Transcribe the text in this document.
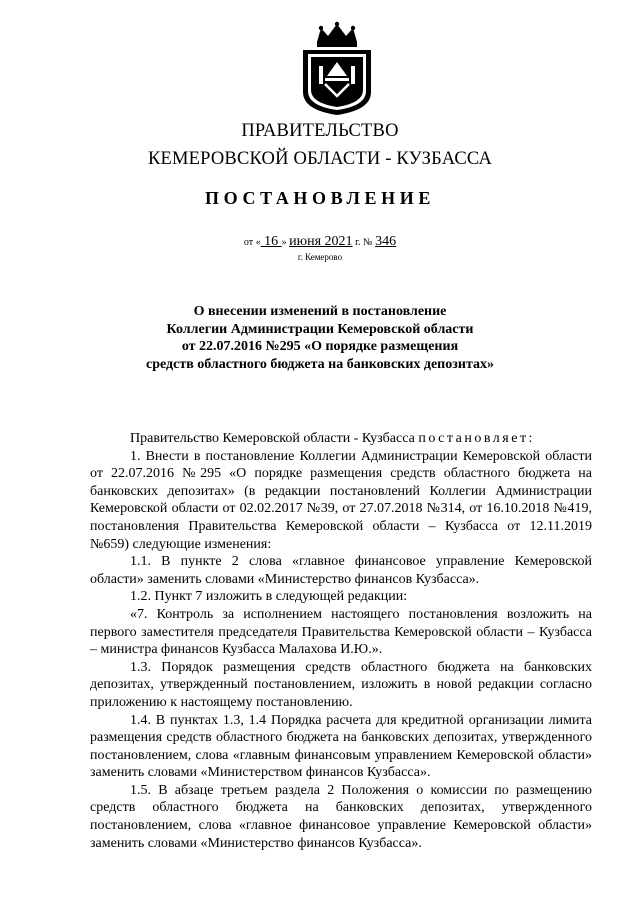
ПРАВИТЕЛЬСТВО
КЕМЕРОВСКОЙ ОБЛАСТИ - КУЗБАССА
ПОСТАНОВЛЕНИЕ
от « 16 » июня 2021 г. № 346
г. Кемерово
О внесении изменений в постановление
Коллегии Администрации Кемеровской области
от 22.07.2016 №295 «О порядке размещения
средств областного бюджета на банковских депозитах»

Правительство Кемеровской области - Кузбасса постановляет:

1. Внести в постановление Коллегии Администрации Кемеровской области от 22.07.2016 №295 «О порядке размещения средств областного бюджета на банковских депозитах» (в редакции постановлений Коллегии Администрации Кемеровской области от 02.02.2017 №39, от 27.07.2018 №314, от 16.10.2018 №419, постановления Правительства Кемеровской области – Кузбасса от 12.11.2019 №659) следующие изменения:

1.1. В пункте 2 слова «главное финансовое управление Кемеровской области» заменить словами «Министерство финансов Кузбасса».

1.2. Пункт 7 изложить в следующей редакции:

«7. Контроль за исполнением настоящего постановления возложить на первого заместителя председателя Правительства Кемеровской области – Кузбасса – министра финансов Кузбасса Малахова И.Ю.».

1.3. Порядок размещения средств областного бюджета на банковских депозитах, утвержденный постановлением, изложить в новой редакции согласно приложению к настоящему постановлению.

1.4. В пунктах 1.3, 1.4 Порядка расчета для кредитной организации лимита размещения средств областного бюджета на банковских депозитах, утвержденного постановлением, слова «главным финансовым управлением Кемеровской области» заменить словами «Министерством финансов Кузбасса».

1.5. В абзаце третьем раздела 2 Положения о комиссии по размещению средств областного бюджета на банковских депозитах, утвержденного постановлением, слова «главное финансовое управление Кемеровской области» заменить словами «Министерство финансов Кузбасса».
